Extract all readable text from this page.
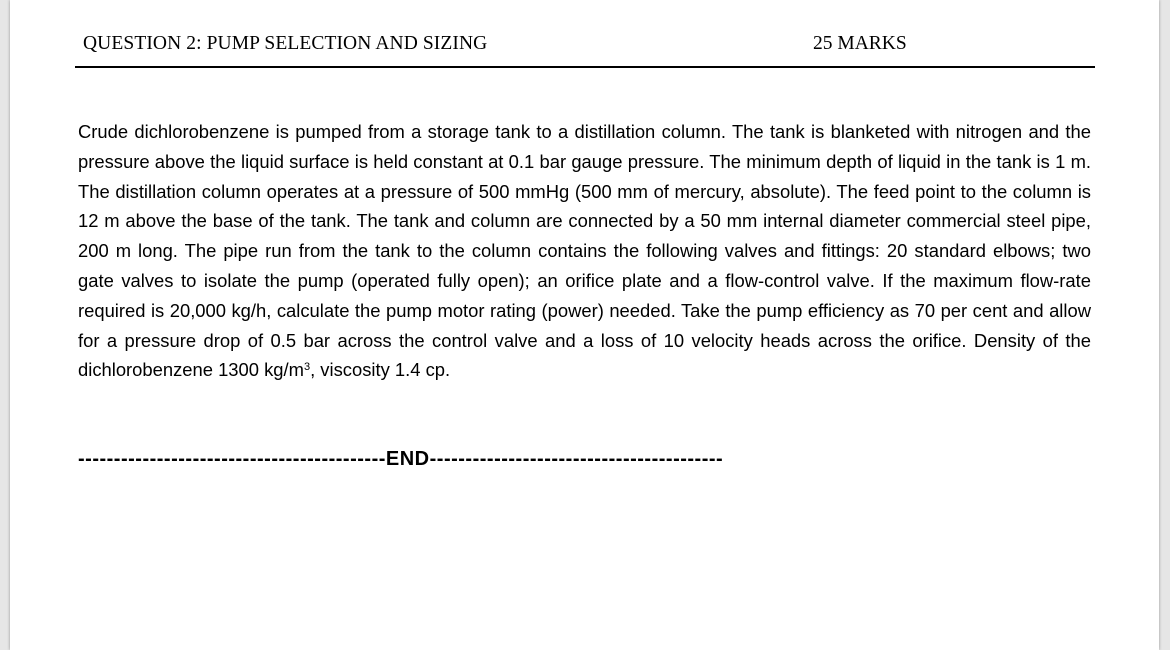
QUESTION 2: PUMP SELECTION AND SIZING	25 MARKS

Crude dichlorobenzene is pumped from a storage tank to a distillation column. The tank is blanketed with nitrogen and the pressure above the liquid surface is held constant at 0.1 bar gauge pressure. The minimum depth of liquid in the tank is 1 m. The distillation column operates at a pressure of 500 mmHg (500 mm of mercury, absolute). The feed point to the column is 12 m above the base of the tank. The tank and column are connected by a 50 mm internal diameter commercial steel pipe, 200 m long. The pipe run from the tank to the column contains the following valves and fittings: 20 standard elbows; two gate valves to isolate the pump (operated fully open); an orifice plate and a flow-control valve. If the maximum flow-rate required is 20,000 kg/h, calculate the pump motor rating (power) needed. Take the pump efficiency as 70 per cent and allow for a pressure drop of 0.5 bar across the control valve and a loss of 10 velocity heads across the orifice. Density of the dichlorobenzene 1300 $kg/m^3$, viscosity 1.4 cp.

-------------------------------------------END-----------------------------------------
